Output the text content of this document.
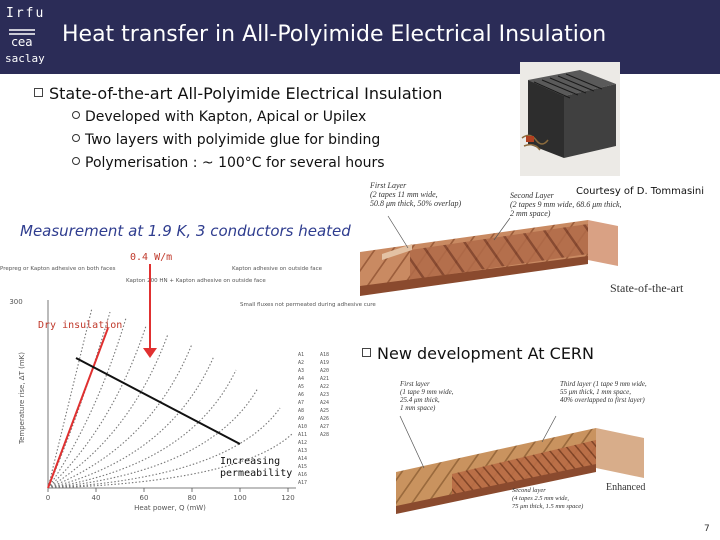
Irfu
cea
saclay
Heat transfer in All-Polyimide Electrical Insulation
State-of-the-art All-Polyimide Electrical Insulation
Developed with Kapton, Apical or Upilex
Two layers with polyimide glue for binding
Polymerisation : ~ 100°C for several hours
Courtesy of D. Tommasini
First Layer (2 tapes 11 mm wide, 50.8 μm thick, 50% overlap)
Second Layer (2 tapes 9 mm wide, 68.6 μm thick, 2 mm space)
State-of-the-art
Measurement at 1.9 K, 3 conductors heated
0	40	60	80	100	120
Heat power, Q (mW)
300
Temperature rise, ΔT (mK)
Prepreg or Kapton adhesive on both faces
Kapton 200 HN + Kapton adhesive on outside face
Kapton adhesive on outside face
Small fluxes not permeated during adhesive cure
A1
A2
A3
A4
A5
A6
A7
A8
A9
A10
A11
A12
A13
A14
A15
A16
A17
A18
A19
A20
A21
A22
A23
A24
A25
A26
A27
A28
0.4 W/m
Dry insulation
Increasing
permeability
New development At CERN
First layer (1 tape 9 mm wide, 25.4 μm thick, 1 mm space)
Third layer (1 tape 9 mm wide, 55 μm thick, 1 mm space, 40% overlapped to first layer)
Enhanced
Second layer (4 tapes 2.5 mm wide, 75 μm thick, 1.5 mm space)
7
